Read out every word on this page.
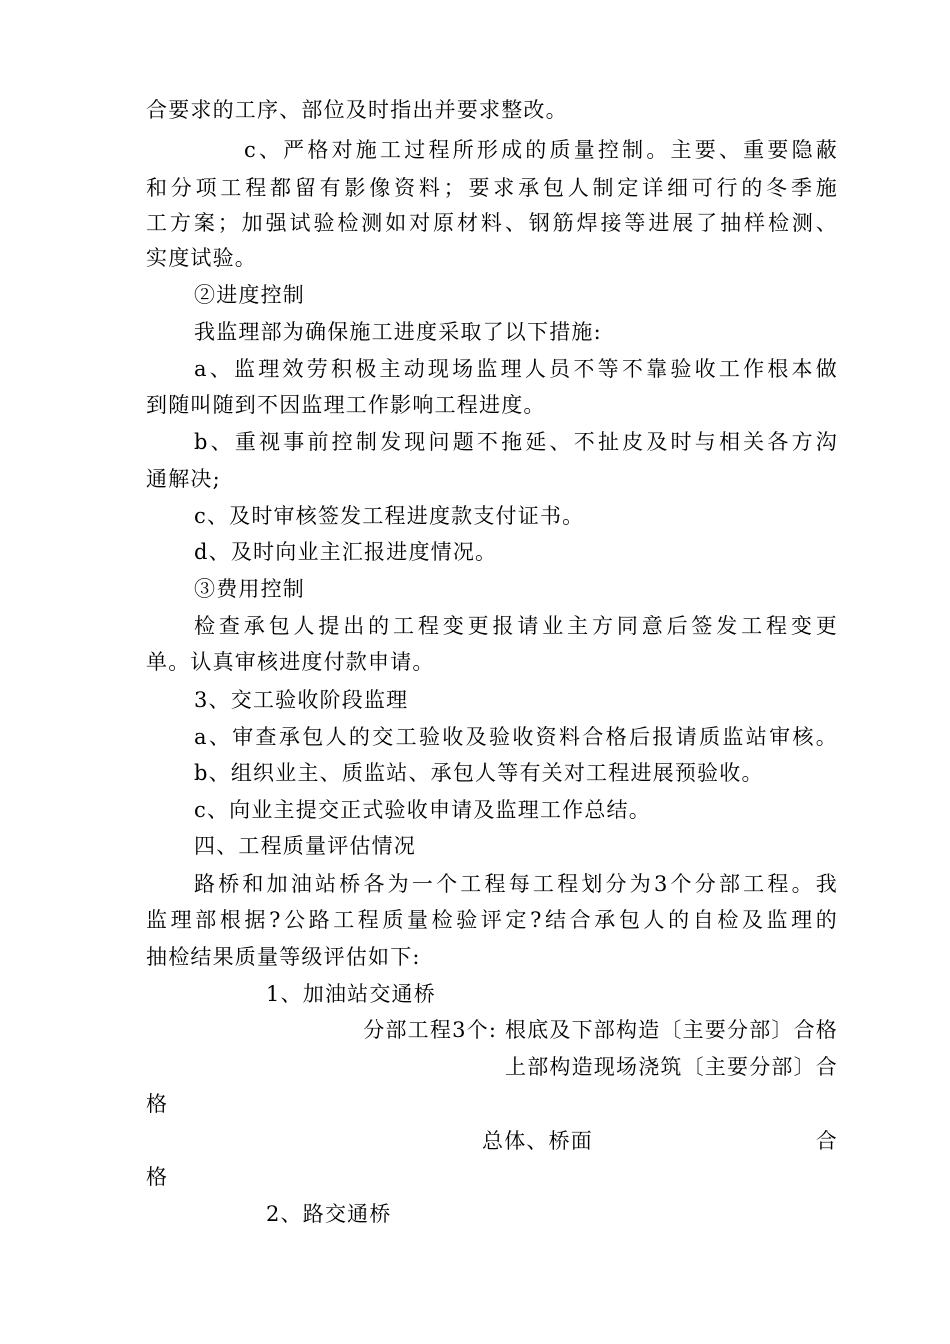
合要求的工序、部位及时指出并要求整改。
c、严格对施工过程所形成的质量控制。主要、重要隐蔽
和分项工程都留有影像资料；要求承包人制定详细可行的冬季施
工方案；加强试验检测如对原材料、钢筋焊接等进展了抽样检测、
实度试验。
②进度控制
我监理部为确保施工进度采取了以下措施:
a、监理效劳积极主动现场监理人员不等不靠验收工作根本做
到随叫随到不因监理工作影响工程进度。
b、重视事前控制发现问题不拖延、不扯皮及时与相关各方沟
通解决;
c、及时审核签发工程进度款支付证书。
d、及时向业主汇报进度情况。
③费用控制
检查承包人提出的工程变更报请业主方同意后签发工程变更
单。认真审核进度付款申请。
3、交工验收阶段监理
a、审查承包人的交工验收及验收资料合格后报请质监站审核。
b、组织业主、质监站、承包人等有关对工程进展预验收。
c、向业主提交正式验收申请及监理工作总结。
四、工程质量评估情况
路桥和加油站桥各为一个工程每工程划分为3个分部工程。我
监理部根据?公路工程质量检验评定?结合承包人的自检及监理的
抽检结果质量等级评估如下:
1、加油站交通桥
分部工程3个: 根底及下部构造〔主要分部〕合格
上部构造现场浇筑〔主要分部〕合
格
总体、桥面	合
格
2、路交通桥
